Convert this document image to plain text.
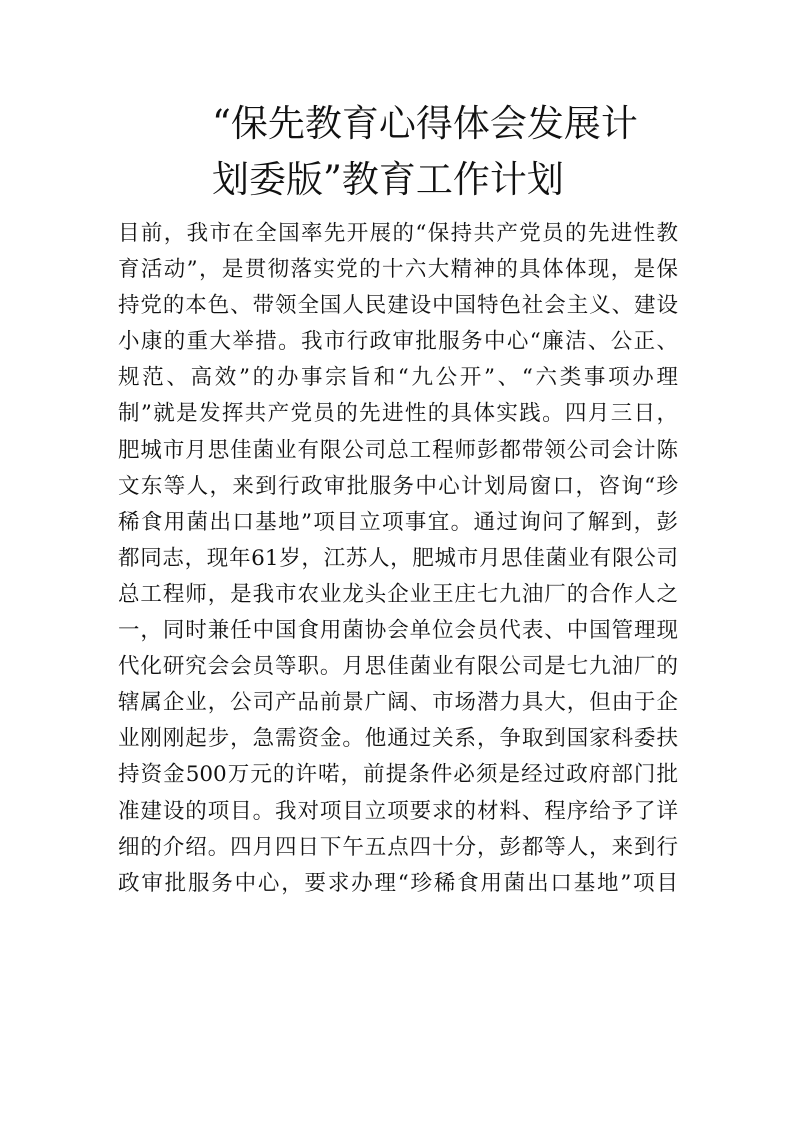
“保先教育心得体会发展计
划委版”教育工作计划
目前，我市在全国率先开展的“保持共产党员的先进性教
育活动”，是贯彻落实党的十六大精神的具体体现，是保
持党的本色、带领全国人民建设中国特色社会主义、建设
小康的重大举措。我市行政审批服务中心“廉洁、公正、
规范、高效”的办事宗旨和“九公开”、“六类事项办理
制”就是发挥共产党员的先进性的具体实践。四月三日，
肥城市月思佳菌业有限公司总工程师彭都带领公司会计陈
文东等人，来到行政审批服务中心计划局窗口，咨询“珍
稀食用菌出口基地”项目立项事宜。通过询问了解到，彭
都同志，现年61岁，江苏人，肥城市月思佳菌业有限公司
总工程师，是我市农业龙头企业王庄七九油厂的合作人之
一，同时兼任中国食用菌协会单位会员代表、中国管理现
代化研究会会员等职。月思佳菌业有限公司是七九油厂的
辖属企业，公司产品前景广阔、市场潜力具大，但由于企
业刚刚起步，急需资金。他通过关系，争取到国家科委扶
持资金500万元的许喏，前提条件必须是经过政府部门批
准建设的项目。我对项目立项要求的材料、程序给予了详
细的介绍。四月四日下午五点四十分，彭都等人，来到行
政审批服务中心，要求办理“珍稀食用菌出口基地”项目
